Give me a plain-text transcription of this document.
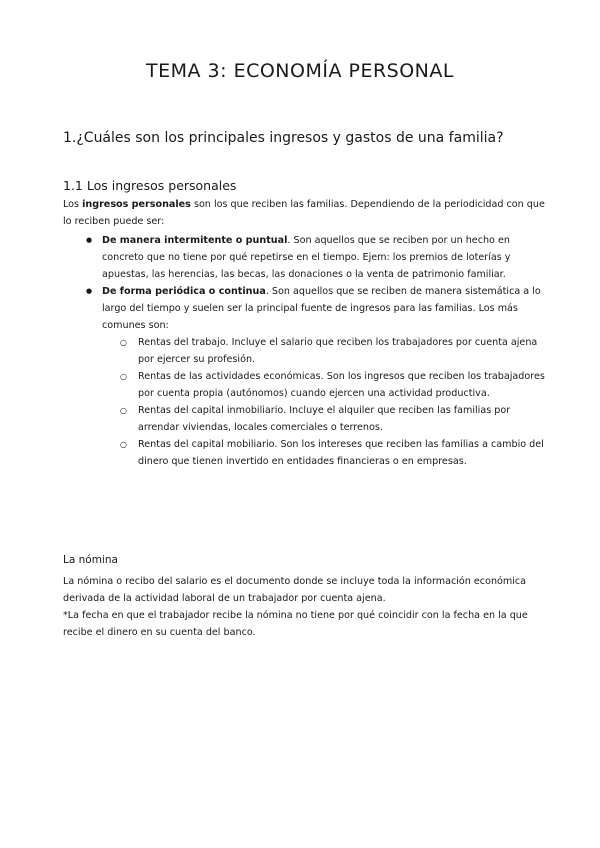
TEMA 3: ECONOMÍA PERSONAL
1.¿Cuáles son los principales ingresos y gastos de una familia?
1.1 Los ingresos personales
Los ingresos personales son los que reciben las familias. Dependiendo de la periodicidad con que lo reciben puede ser:
● De manera intermitente o puntual. Son aquellos que se reciben por un hecho en concreto que no tiene por qué repetirse en el tiempo. Ejem: los premios de loterías y apuestas, las herencias, las becas, las donaciones o la venta de patrimonio familiar.
● De forma periódica o continua. Son aquellos que se reciben de manera sistemática a lo largo del tiempo y suelen ser la principal fuente de ingresos para las familias. Los más comunes son:
○ Rentas del trabajo. Incluye el salario que reciben los trabajadores por cuenta ajena por ejercer su profesión.
○ Rentas de las actividades económicas. Son los ingresos que reciben los trabajadores por cuenta propia (autónomos) cuando ejercen una actividad productiva.
○ Rentas del capital inmobiliario. Incluye el alquiler que reciben las familias por arrendar viviendas, locales comerciales o terrenos.
○ Rentas del capital mobiliario. Son los intereses que reciben las familias a cambio del dinero que tienen invertido en entidades financieras o en empresas.
La nómina
La nómina o recibo del salario es el documento donde se incluye toda la información económica derivada de la actividad laboral de un trabajador por cuenta ajena.
*La fecha en que el trabajador recibe la nómina no tiene por qué coincidir con la fecha en la que recibe el dinero en su cuenta del banco.
